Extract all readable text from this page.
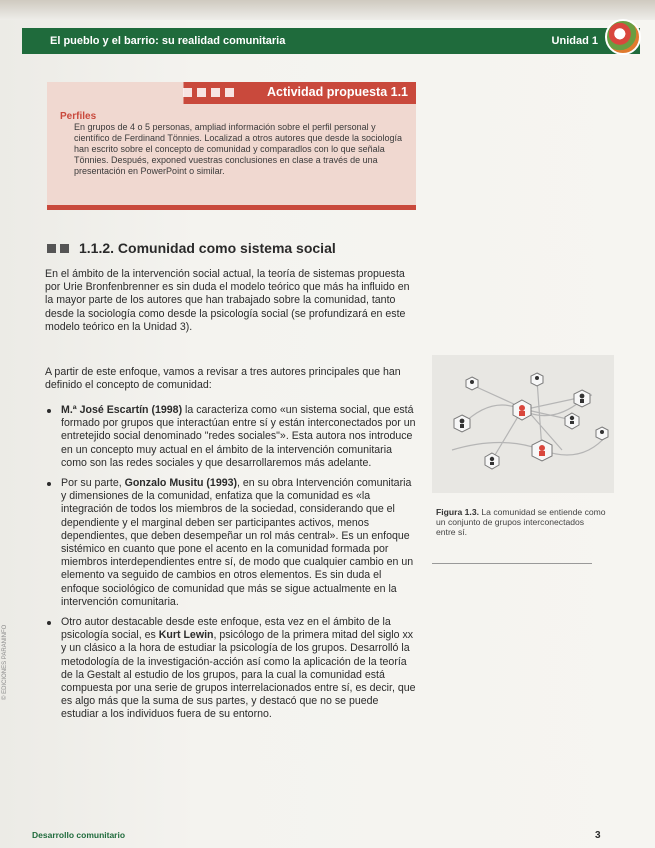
El pueblo y el barrio: su realidad comunitaria	Unidad 1
Actividad propuesta 1.1
Perfiles
En grupos de 4 o 5 personas, ampliad información sobre el perfil personal y científico de Ferdinand Tönnies. Localizad a otros autores que desde la sociología han escrito sobre el concepto de comunidad y comparadlos con lo que señala Tönnies. Después, exponed vuestras conclusiones en clase a través de una presentación en PowerPoint o similar.
1.1.2. Comunidad como sistema social
En el ámbito de la intervención social actual, la teoría de sistemas propuesta por Urie Bronfenbrenner es sin duda el modelo teórico que más ha influido en la mayor parte de los autores que han trabajado sobre la comunidad, tanto desde la sociología como desde la psicología social (se profundizará en este modelo teórico en la Unidad 3).
A partir de este enfoque, vamos a revisar a tres autores principales que han definido el concepto de comunidad:
M.ª José Escartín (1998) la caracteriza como «un sistema social, que está formado por grupos que interactúan entre sí y están interconectados por un entretejido social denominado "redes sociales"». Esta autora nos introduce en un concepto muy actual en el ámbito de la intervención comunitaria como son las redes sociales y que desarrollaremos más adelante.
Por su parte, Gonzalo Musitu (1993), en su obra Intervención comunitaria y dimensiones de la comunidad, enfatiza que la comunidad es «la integración de todos los miembros de la sociedad, considerando que el dependiente y el marginal deben ser participantes activos, menos dependientes, que deben desempeñar un rol más central». Es un enfoque sistémico en cuanto que pone el acento en la comunidad formada por miembros interdependientes entre sí, de modo que cualquier cambio en un elemento va seguido de cambios en otros elementos. Es sin duda el enfoque sociológico de comunidad que más se sigue actualmente en la intervención comunitaria.
Otro autor destacable desde este enfoque, esta vez en el ámbito de la psicología social, es Kurt Lewin, psicólogo de la primera mitad del siglo xx y un clásico a la hora de estudiar la psicología de los grupos. Desarrolló la metodología de la investigación-acción así como la aplicación de la teoría de la Gestalt al estudio de los grupos, para la cual la comunidad está compuesta por una serie de grupos interrelacionados entre sí, es decir, que es algo más que la suma de sus partes, y destacó que no se puede estudiar a los individuos fuera de su entorno.
Figura 1.3. La comunidad se entiende como un conjunto de grupos interconectados entre sí.
© EDICIONES PARANINFO
Desarrollo comunitario	3
